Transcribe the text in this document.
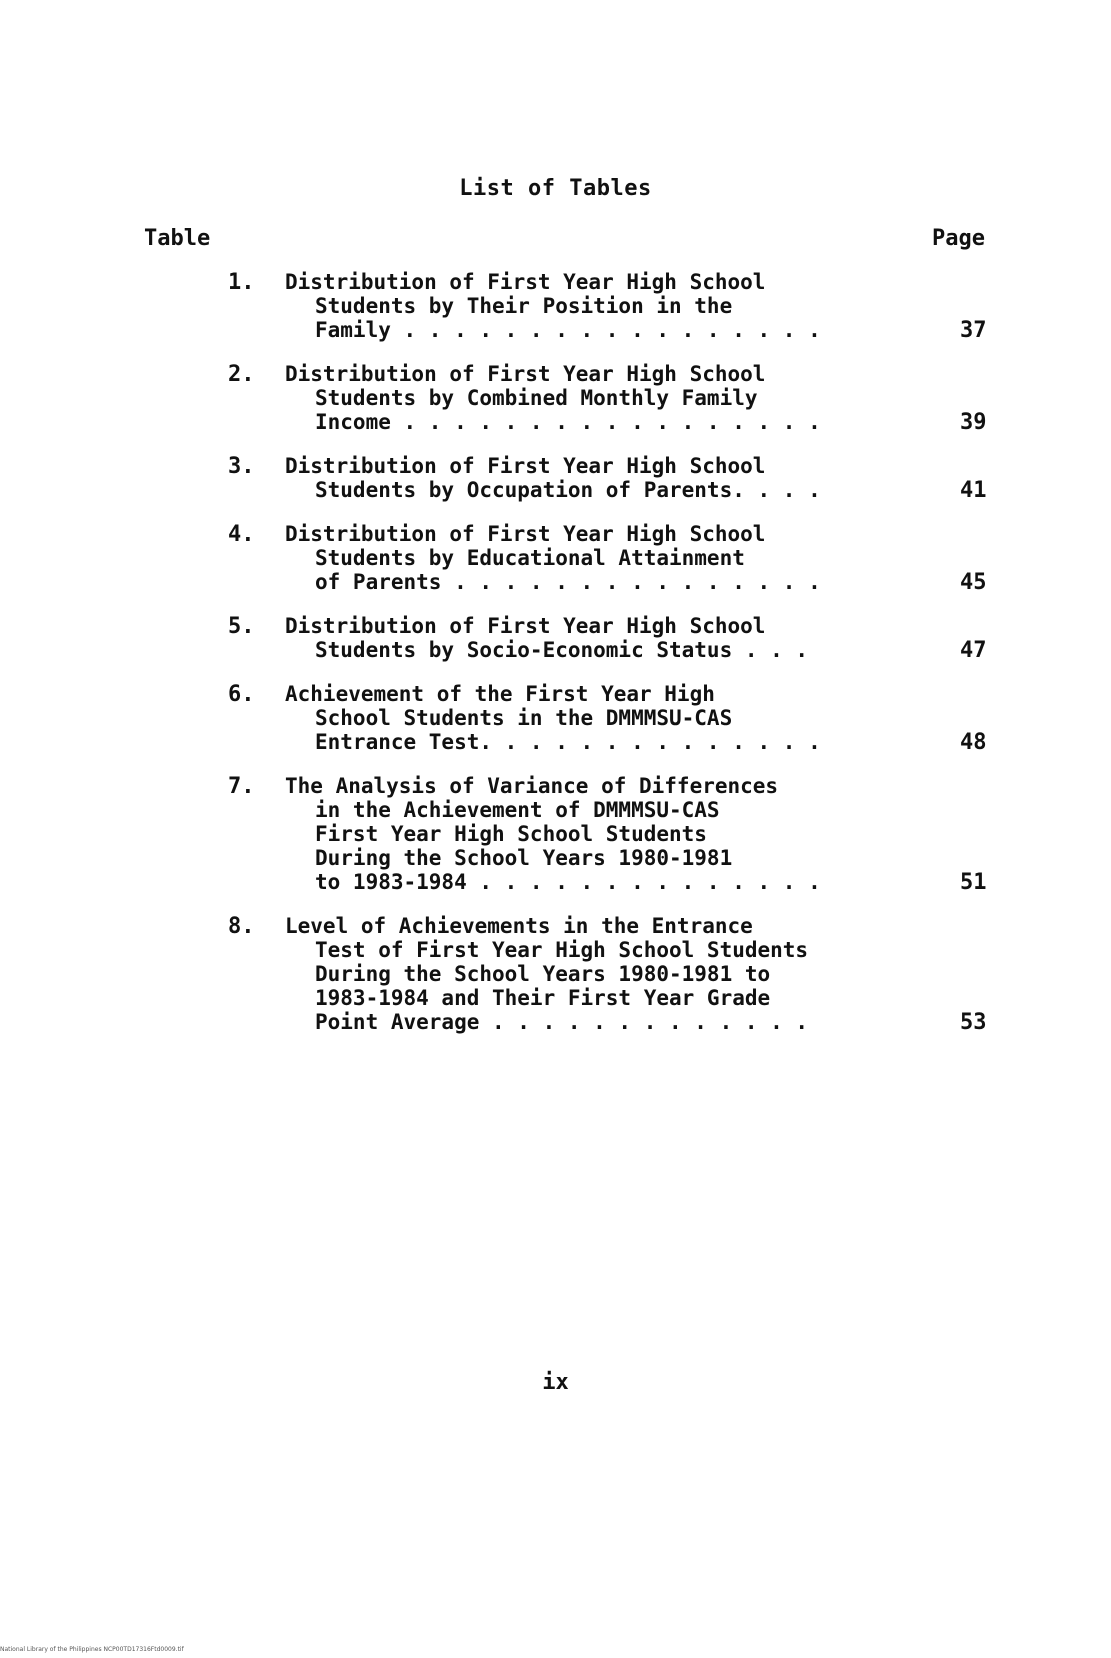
List of Tables
Table	Page
1. Distribution of First Year High School
Students by Their Position in the
Family . . . . . . . . . . . . . . . . .	37
2. Distribution of First Year High School
Students by Combined Monthly Family
Income . . . . . . . . . . . . . . . . .	39
3. Distribution of First Year High School
Students by Occupation of Parents. . . .	41
4. Distribution of First Year High School
Students by Educational Attainment
of Parents . . . . . . . . . . . . . . .	45
5. Distribution of First Year High School
Students by Socio-Economic Status . . .	47
6. Achievement of the First Year High
School Students in the DMMMSU-CAS
Entrance Test. . . . . . . . . . . . . .	48
7. The Analysis of Variance of Differences
in the Achievement of DMMMSU-CAS
First Year High School Students
During the School Years 1980-1981
to 1983-1984 . . . . . . . . . . . . . .	51
8. Level of Achievements in the Entrance
Test of First Year High School Students
During the School Years 1980-1981 to
1983-1984 and Their First Year Grade
Point Average . . . . . . . . . . . . .	53
ix
National Library of the Philippines NCP00TD17316Ftd0009.tif
